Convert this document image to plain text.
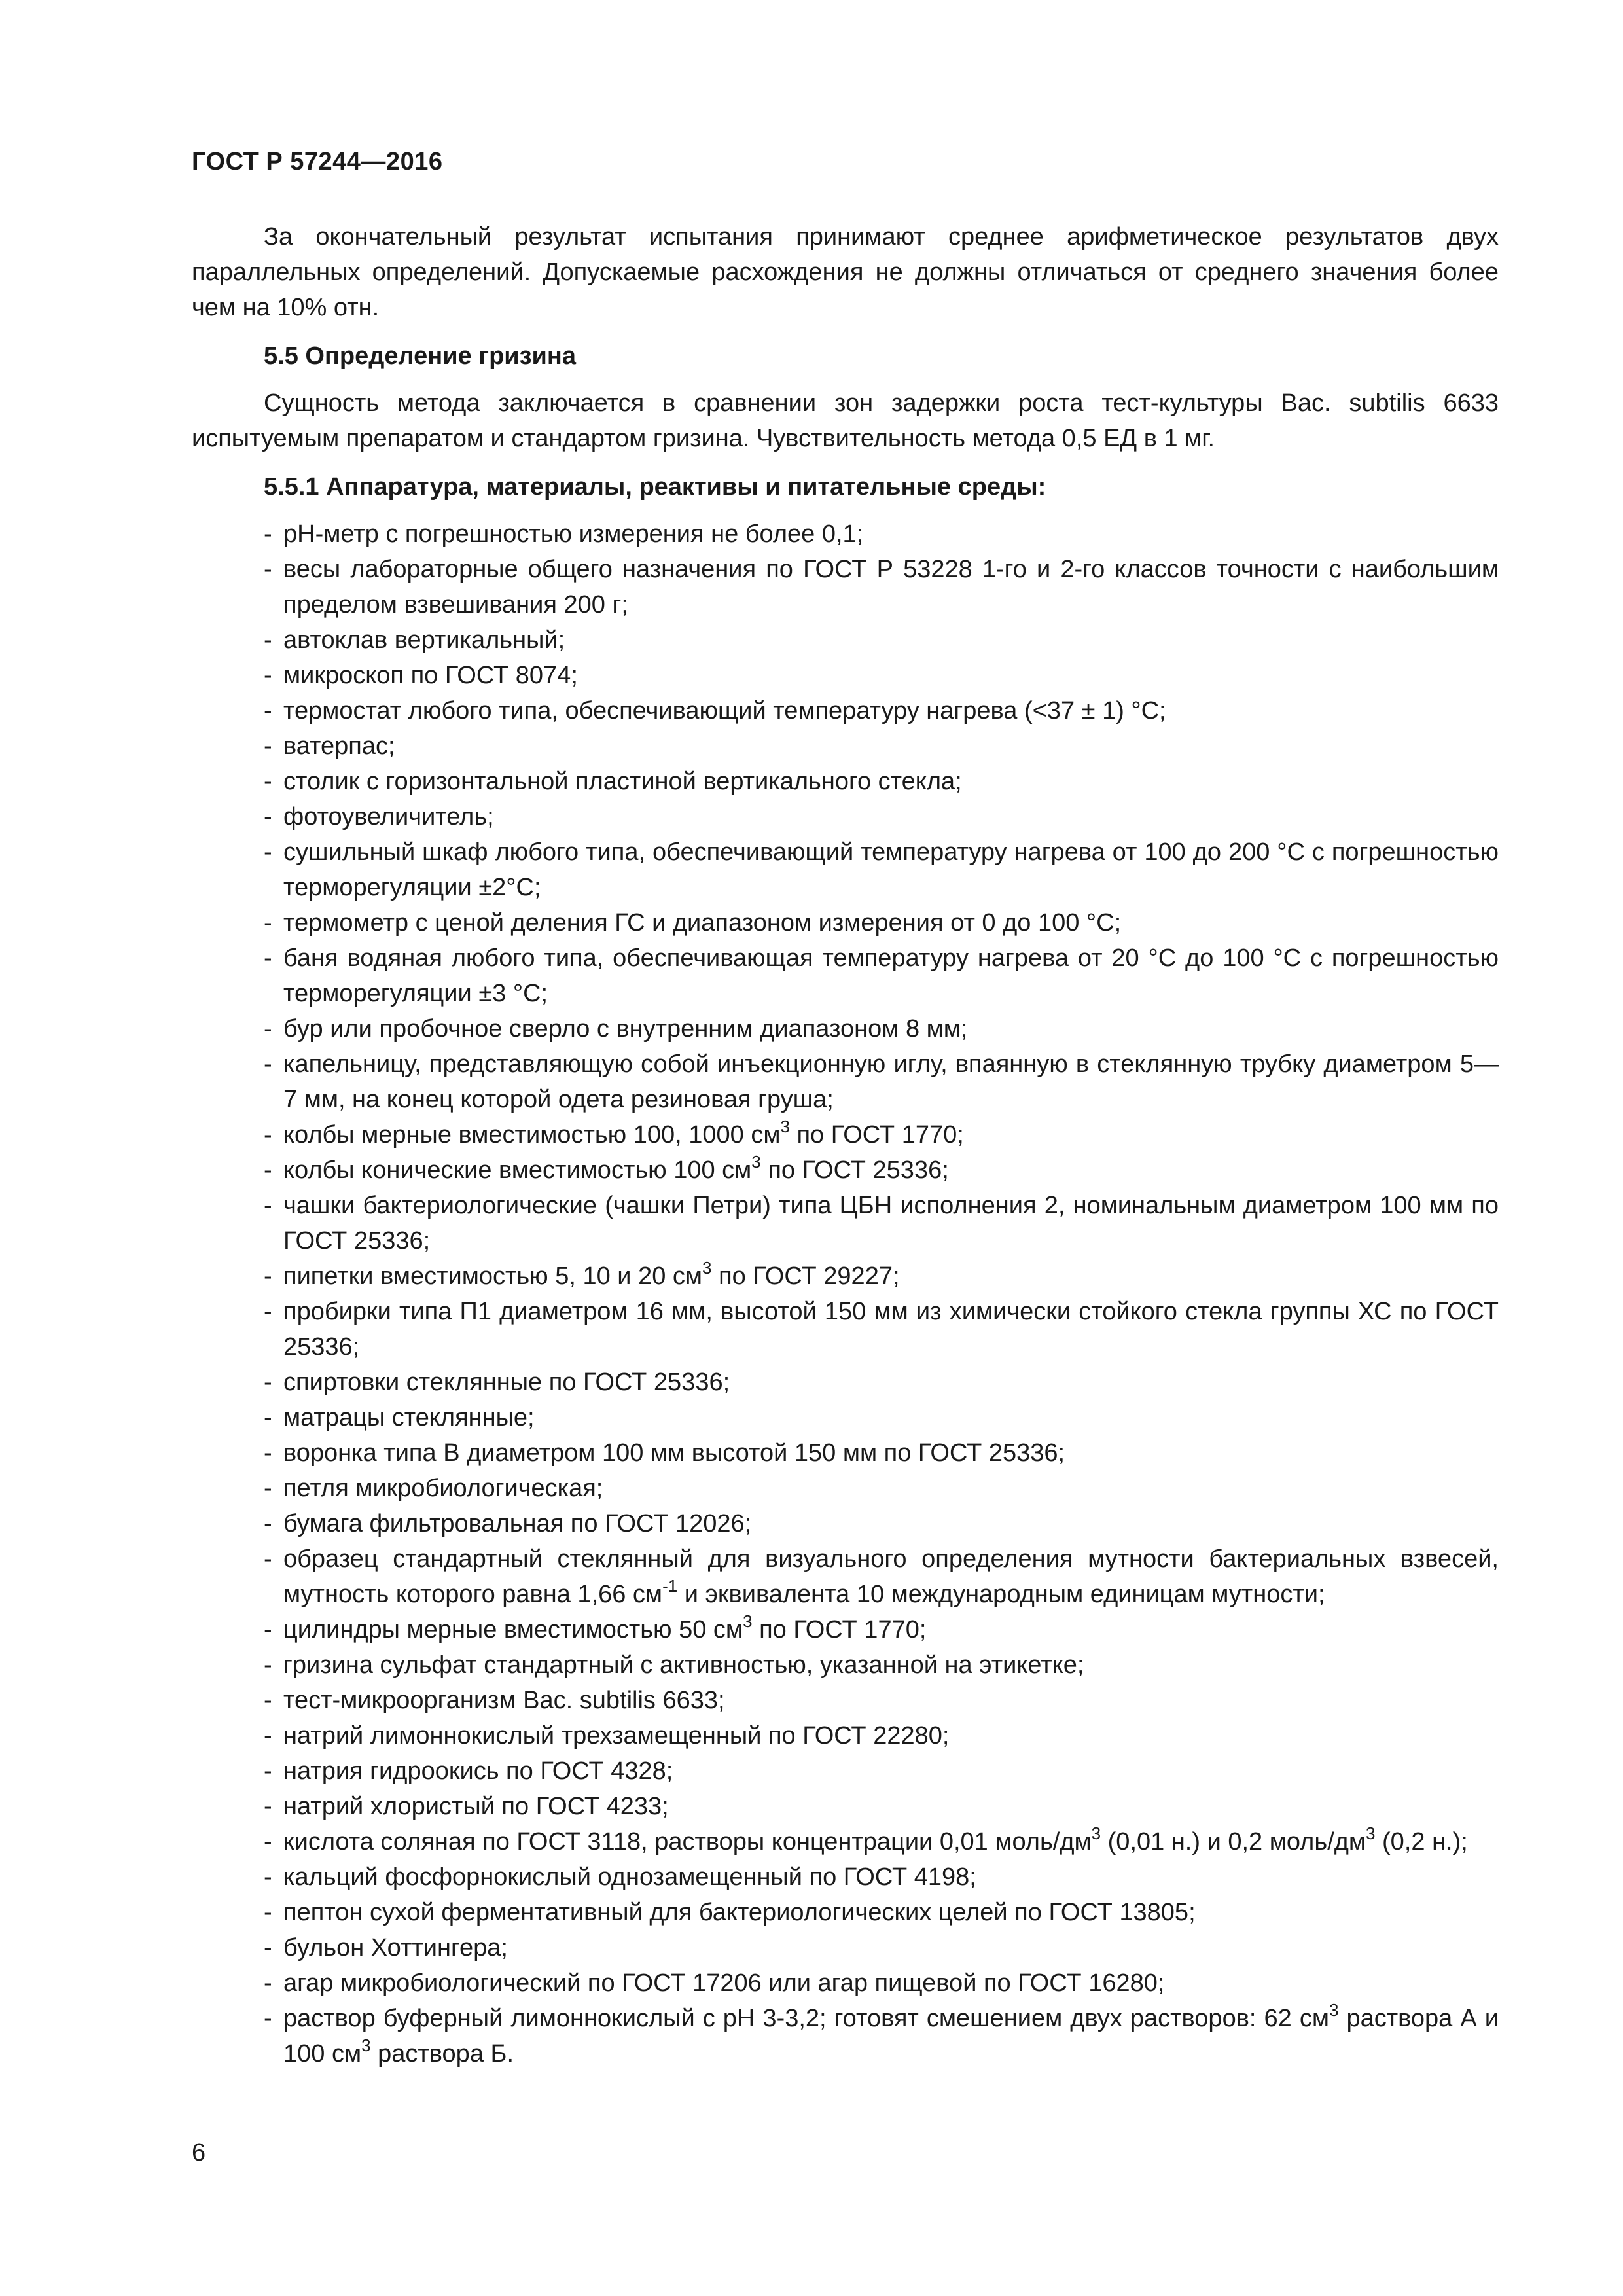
ГОСТ Р 57244—2016

За окончательный результат испытания принимают среднее арифметическое результатов двух параллельных определений. Допускаемые расхождения не должны отличаться от среднего значения более чем на 10% отн.

5.5 Определение гризина

Сущность метода заключается в сравнении зон задержки роста тест-культуры Bac. subtilis 6633 испытуемым препаратом и стандартом гризина. Чувствительность метода 0,5 ЕД в 1 мг.

5.5.1 Аппаратура, материалы, реактивы и питательные среды:
- pH-метр с погрешностью измерения не более 0,1;
- весы лабораторные общего назначения по ГОСТ Р 53228 1-го и 2-го классов точности с наибольшим пределом взвешивания 200 г;
- автоклав вертикальный;
- микроскоп по ГОСТ 8074;
- термостат любого типа, обеспечивающий температуру нагрева (<37 ± 1) °С;
- ватерпас;
- столик с горизонтальной пластиной вертикального стекла;
- фотоувеличитель;
- сушильный шкаф любого типа, обеспечивающий температуру нагрева от 100 до 200 °С с погрешностью терморегуляции ±2°С;
- термометр с ценой деления ГС и диапазоном измерения от 0 до 100 °С;
- баня водяная любого типа, обеспечивающая температуру нагрева от 20 °С до 100 °С с погрешностью терморегуляции ±3 °С;
- бур или пробочное сверло с внутренним диапазоном 8 мм;
- капельницу, представляющую собой инъекционную иглу, впаянную в стеклянную трубку диаметром 5—7 мм, на конец которой одета резиновая груша;
- колбы мерные вместимостью 100, 1000 $см^3$ по ГОСТ 1770;
- колбы конические вместимостью 100 $см^3$ по ГОСТ 25336;
- чашки бактериологические (чашки Петри) типа ЦБН исполнения 2, номинальным диаметром 100 мм по ГОСТ 25336;
- пипетки вместимостью 5, 10 и 20 $см^3$ по ГОСТ 29227;
- пробирки типа П1 диаметром 16 мм, высотой 150 мм из химически стойкого стекла группы ХС по ГОСТ 25336;
- спиртовки стеклянные по ГОСТ 25336;
- матрацы стеклянные;
- воронка типа В диаметром 100 мм высотой 150 мм по ГОСТ 25336;
- петля микробиологическая;
- бумага фильтровальная по ГОСТ 12026;
- образец стандартный стеклянный для визуального определения мутности бактериальных взвесей, мутность которого равна 1,66 $см^{-1}$ и эквивалента 10 международным единицам мутности;
- цилиндры мерные вместимостью 50 $см^3$ по ГОСТ 1770;
- гризина сульфат стандартный с активностью, указанной на этикетке;
- тест-микроорганизм Bac. subtilis 6633;
- натрий лимоннокислый трехзамещенный по ГОСТ 22280;
- натрия гидроокись по ГОСТ 4328;
- натрий хлористый по ГОСТ 4233;
- кислота соляная по ГОСТ 3118, растворы концентрации 0,01 моль/$дм^3$ (0,01 н.) и 0,2 моль/$дм^3$ (0,2 н.);
- кальций фосфорнокислый однозамещенный по ГОСТ 4198;
- пептон сухой ферментативный для бактериологических целей по ГОСТ 13805;
- бульон Хоттингера;
- агар микробиологический по ГОСТ 17206 или агар пищевой по ГОСТ 16280;
- раствор буферный лимоннокислый с pH 3-3,2; готовят смешением двух растворов: 62 $см^3$ раствора А и 100 $см^3$ раствора Б.
6
